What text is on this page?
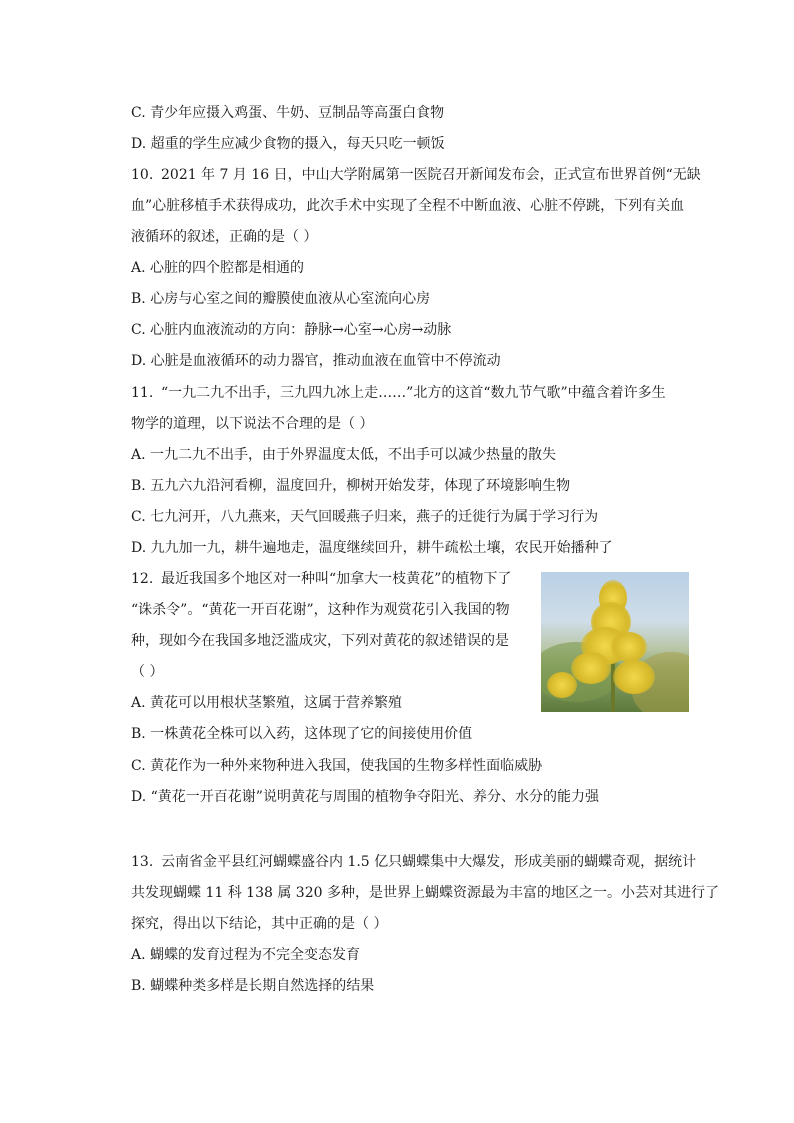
C. 青少年应摄入鸡蛋、牛奶、豆制品等高蛋白食物
D. 超重的学生应减少食物的摄入，每天只吃一顿饭
10. 2021 年 7 月 16 日，中山大学附属第一医院召开新闻发布会，正式宣布世界首例“无缺
血”心脏移植手术获得成功，此次手术中实现了全程不中断血液、心脏不停跳，下列有关血
液循环的叙述，正确的是（ ）
A. 心脏的四个腔都是相通的
B. 心房与心室之间的瓣膜使血液从心室流向心房
C. 心脏内血液流动的方向：静脉→心室→心房→动脉
D. 心脏是血液循环的动力器官，推动血液在血管中不停流动
11. “一九二九不出手，三九四九冰上走……”北方的这首“数九节气歌”中蕴含着许多生
物学的道理，以下说法不合理的是（ ）
A. 一九二九不出手，由于外界温度太低，不出手可以减少热量的散失
B. 五九六九沿河看柳，温度回升，柳树开始发芽，体现了环境影响生物
C. 七九河开，八九燕来，天气回暖燕子归来，燕子的迁徙行为属于学习行为
D. 九九加一九，耕牛遍地走，温度继续回升，耕牛疏松土壤，农民开始播种了
12. 最近我国多个地区对一种叫“加拿大一枝黄花”的植物下了
“诛杀令”。“黄花一开百花谢”，这种作为观赏花引入我国的物
种，现如今在我国多地泛滥成灾，下列对黄花的叙述错误的是
（ ）
A. 黄花可以用根状茎繁殖，这属于营养繁殖
B. 一株黄花全株可以入药，这体现了它的间接使用价值
C. 黄花作为一种外来物种进入我国，使我国的生物多样性面临威胁
D. “黄花一开百花谢”说明黄花与周围的植物争夺阳光、养分、水分的能力强
13. 云南省金平县红河蝴蝶盛谷内 1.5 亿只蝴蝶集中大爆发，形成美丽的蝴蝶奇观，据统计
共发现蝴蝶 11 科 138 属 320 多种，是世界上蝴蝶资源最为丰富的地区之一。小芸对其进行了
探究，得出以下结论，其中正确的是（ ）
A. 蝴蝶的发育过程为不完全变态发育
B. 蝴蝶种类多样是长期自然选择的结果
